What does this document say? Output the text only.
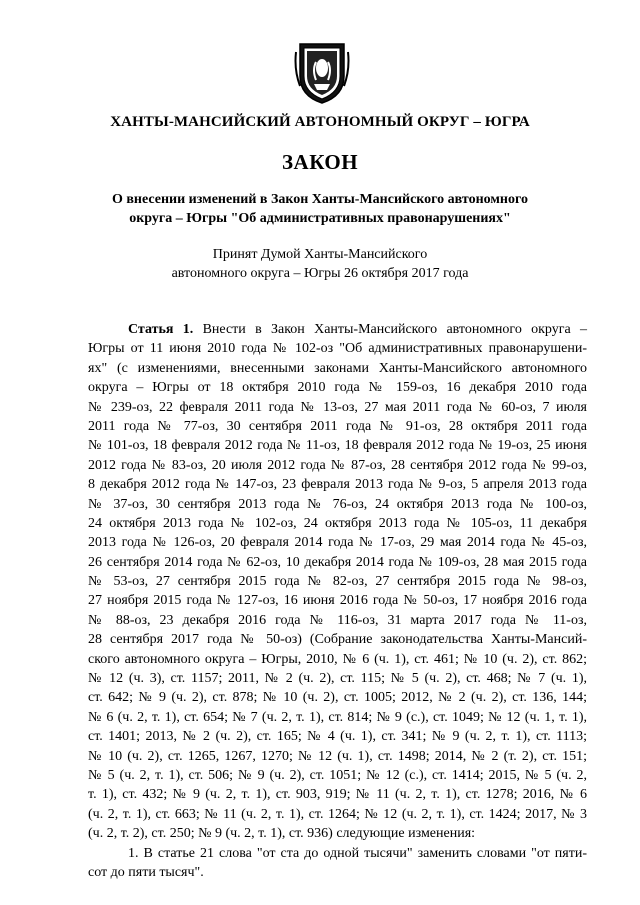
ХАНТЫ-МАНСИЙСКИЙ АВТОНОМНЫЙ ОКРУГ – ЮГРА
ЗАКОН
О внесении изменений в Закон Ханты-Мансийского автономного
округа – Югры "Об административных правонарушениях"
Принят Думой Ханты-Мансийского
автономного округа – Югры 26 октября 2017 года
Статья 1. Внести в Закон Ханты-Мансийского автономного округа –
Югры от 11 июня 2010 года № 102-оз "Об административных правонарушени-
ях" (с изменениями, внесенными законами Ханты-Мансийского автономного
округа – Югры от 18 октября 2010 года № 159-оз, 16 декабря 2010 года
№ 239-оз, 22 февраля 2011 года № 13-оз, 27 мая 2011 года № 60-оз, 7 июля
2011 года № 77-оз, 30 сентября 2011 года № 91-оз, 28 октября 2011 года
№ 101-оз, 18 февраля 2012 года № 11-оз, 18 февраля 2012 года № 19-оз, 25 июня
2012 года № 83-оз, 20 июля 2012 года № 87-оз, 28 сентября 2012 года № 99-оз,
8 декабря 2012 года № 147-оз, 23 февраля 2013 года № 9-оз, 5 апреля 2013 года
№ 37-оз, 30 сентября 2013 года № 76-оз, 24 октября 2013 года № 100-оз,
24 октября 2013 года № 102-оз, 24 октября 2013 года № 105-оз, 11 декабря
2013 года № 126-оз, 20 февраля 2014 года № 17-оз, 29 мая 2014 года № 45-оз,
26 сентября 2014 года № 62-оз, 10 декабря 2014 года № 109-оз, 28 мая 2015 года
№ 53-оз, 27 сентября 2015 года № 82-оз, 27 сентября 2015 года № 98-оз,
27 ноября 2015 года № 127-оз, 16 июня 2016 года № 50-оз, 17 ноября 2016 года
№ 88-оз, 23 декабря 2016 года № 116-оз, 31 марта 2017 года № 11-оз,
28 сентября 2017 года № 50-оз) (Собрание законодательства Ханты-Мансий-
ского автономного округа – Югры, 2010, № 6 (ч. 1), ст. 461; № 10 (ч. 2), ст. 862;
№ 12 (ч. 3), ст. 1157; 2011, № 2 (ч. 2), ст. 115; № 5 (ч. 2), ст. 468; № 7 (ч. 1),
ст. 642; № 9 (ч. 2), ст. 878; № 10 (ч. 2), ст. 1005; 2012, № 2 (ч. 2), ст. 136, 144;
№ 6 (ч. 2, т. 1), ст. 654; № 7 (ч. 2, т. 1), ст. 814; № 9 (с.), ст. 1049; № 12 (ч. 1, т. 1),
ст. 1401; 2013, № 2 (ч. 2), ст. 165; № 4 (ч. 1), ст. 341; № 9 (ч. 2, т. 1), ст. 1113;
№ 10 (ч. 2), ст. 1265, 1267, 1270; № 12 (ч. 1), ст. 1498; 2014, № 2 (т. 2), ст. 151;
№ 5 (ч. 2, т. 1), ст. 506; № 9 (ч. 2), ст. 1051; № 12 (с.), ст. 1414; 2015, № 5 (ч. 2,
т. 1), ст. 432; № 9 (ч. 2, т. 1), ст. 903, 919; № 11 (ч. 2, т. 1), ст. 1278; 2016, № 6
(ч. 2, т. 1), ст. 663; № 11 (ч. 2, т. 1), ст. 1264; № 12 (ч. 2, т. 1), ст. 1424; 2017, № 3
(ч. 2, т. 2), ст. 250; № 9 (ч. 2, т. 1), ст. 936) следующие изменения:
1. В статье 21 слова "от ста до одной тысячи" заменить словами "от пяти-
сот до пяти тысяч".
